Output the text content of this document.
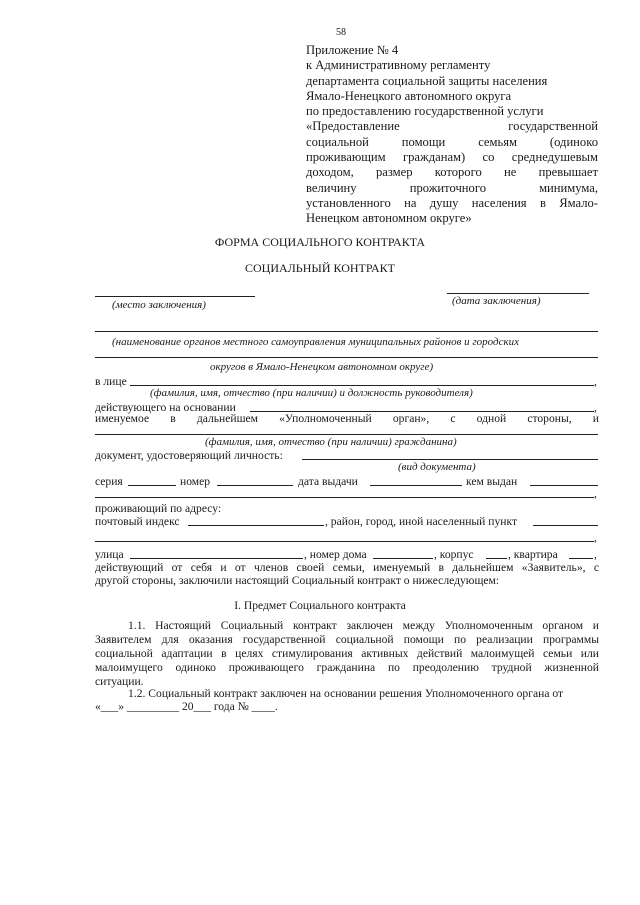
58
Приложение № 4
к Административному регламенту
департамента социальной защиты населения
Ямало-Ненецкого автономного округа
по предоставлению государственной услуги
«Предоставление государственной
социальной помощи семьям (одиноко
проживающим гражданам) со среднедушевым
доходом, размер которого не превышает
величину прожиточного минимума,
установленного на душу населения в Ямало-
Ненецком автономном округе»
ФОРМА СОЦИАЛЬНОГО КОНТРАКТА
СОЦИАЛЬНЫЙ КОНТРАКТ
(место заключения)	(дата заключения)
(наименование органов местного самоуправления муниципальных районов и городских
округов в Ямало-Ненецком автономном округе)
в лице	,
(фамилия, имя, отчество (при наличии) и должность руководителя)
действующего на основании	,
именуемое в дальнейшем «Уполномоченный орган», с одной стороны, и
(фамилия, имя, отчество (при наличии) гражданина)
документ, удостоверяющий личность:
(вид документа)
серия	номер	дата выдачи	кем выдан
,
проживающий по адресу:
почтовый индекс	, район, город, иной населенный пункт
,
улица	, номер дома	, корпус	, квартира	,
действующий от себя и от членов своей семьи, именуемый в дальнейшем «Заявитель», с
другой стороны, заключили настоящий Социальный контракт о нижеследующем:
I. Предмет Социального контракта
1.1. Настоящий Социальный контракт заключен между Уполномоченным органом и
Заявителем для оказания государственной социальной помощи по реализации программы
социальной адаптации в целях стимулирования активных действий малоимущей семьи или
малоимущего одиноко проживающего гражданина по преодолению трудной жизненной
ситуации.
1.2. Социальный контракт заключен на основании решения Уполномоченного органа от
«___» _________ 20___ года № ____.
